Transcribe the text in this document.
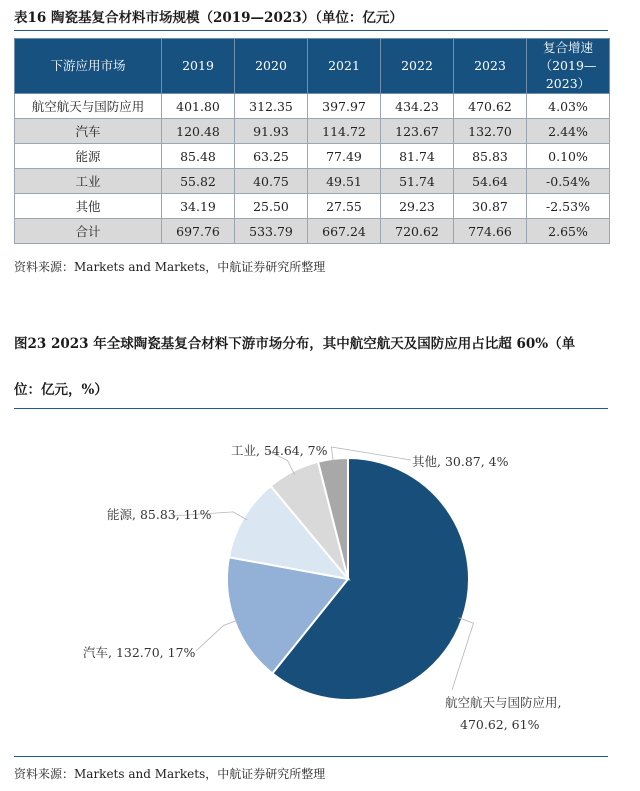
表16 陶瓷基复合材料市场规模（2019—2023）（单位：亿元）
下游应用市场	2019	2020	2021	2022	2023	复合增速
（2019—2023）
航空航天与国防应用	401.80	312.35	397.97	434.23	470.62	4.03%
汽车	120.48	91.93	114.72	123.67	132.70	2.44%
能源	85.48	63.25	77.49	81.74	85.83	0.10%
工业	55.82	40.75	49.51	51.74	54.64	-0.54%
其他	34.19	25.50	27.55	29.23	30.87	-2.53%
合计	697.76	533.79	667.24	720.62	774.66	2.65%
资料来源：Markets and Markets，中航证券研究所整理
图23 2023 年全球陶瓷基复合材料下游市场分布，其中航空航天及国防应用占比超 60%（单
位：亿元，%）
航空航天与国防应用,
470.62, 61%
汽车, 132.70, 17%
能源, 85.83, 11%
工业, 54.64, 7%
其他, 30.87, 4%
资料来源：Markets and Markets，中航证券研究所整理
